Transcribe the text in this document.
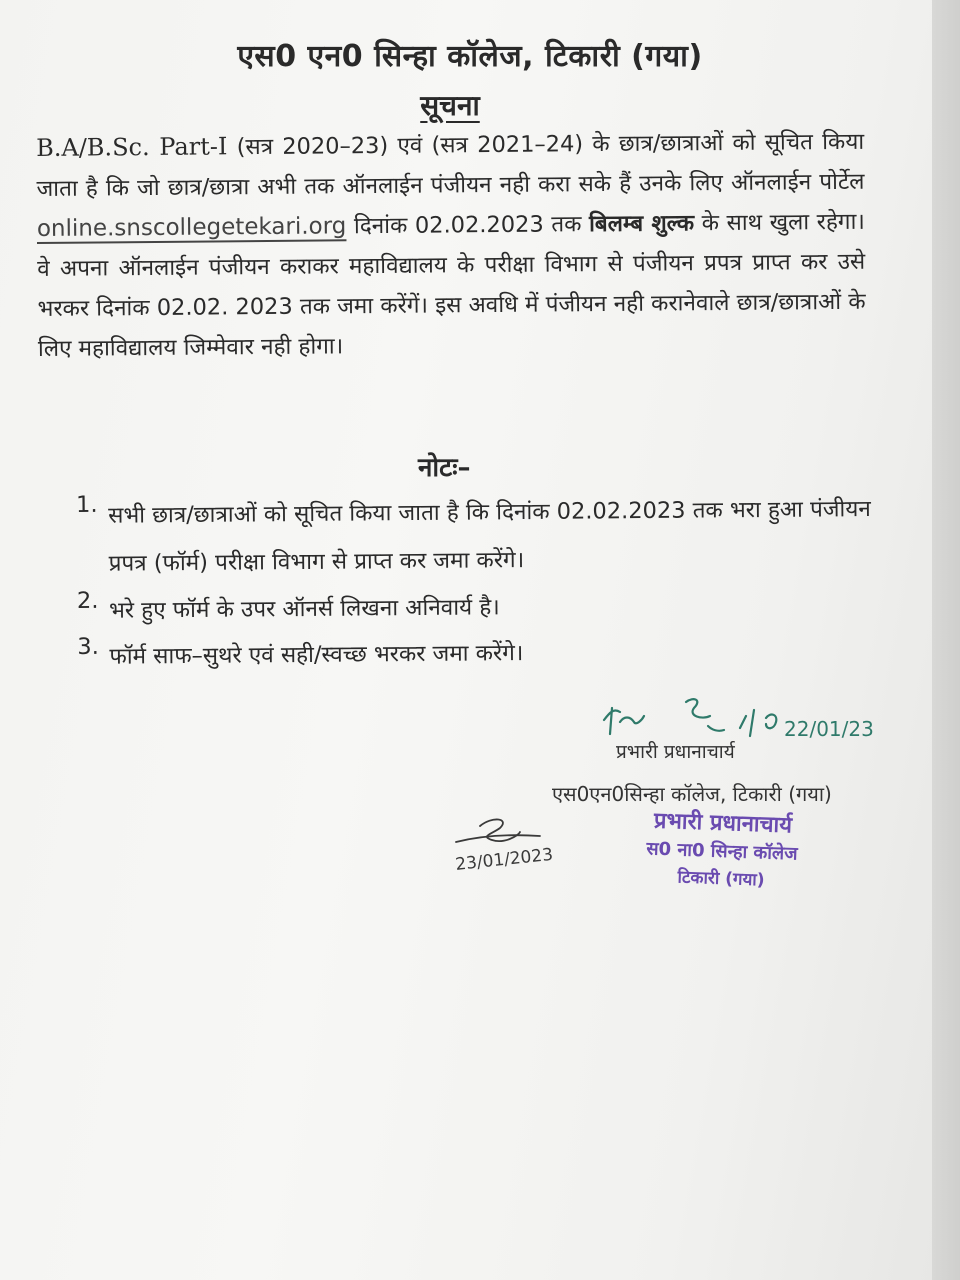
एस0 एन0 सिन्हा कॉलेज, टिकारी (गया)
सूचना
B.A/B.Sc. Part-I (सत्र 2020–23) एवं (सत्र 2021–24) के छात्र/छात्राओं को सूचित किया जाता है कि जो छात्र/छात्रा अभी तक ऑनलाईन पंजीयन नही करा सके हैं उनके लिए ऑनलाईन पोर्टेल online.snscollegetekari.org दिनांक 02.02.2023 तक बिलम्ब शुल्क के साथ खुला रहेगा। वे अपना ऑनलाईन पंजीयन कराकर महाविद्यालय के परीक्षा विभाग से पंजीयन प्रपत्र प्राप्त कर उसे भरकर दिनांक 02.02. 2023 तक जमा करेंगें। इस अवधि में पंजीयन नही करानेवाले छात्र/छात्राओं के लिए महाविद्यालय जिम्मेवार नही होगा।
नोटः–
1. सभी छात्र/छात्राओं को सूचित किया जाता है कि दिनांक 02.02.2023 तक भरा हुआ पंजीयन प्रपत्र (फॉर्म) परीक्षा विभाग से प्राप्त कर जमा करेंगे।
2. भरे हुए फॉर्म के उपर ऑनर्स लिखना अनिवार्य है।
3. फॉर्म साफ–सुथरे एवं सही/स्वच्छ भरकर जमा करेंगे।
22/01/23
प्रभारी प्रधानाचार्य
एस0एन0सिन्हा कॉलेज, टिकारी (गया)
23/01/2023
प्रभारी प्रधानाचार्य
स0 ना0 सिन्हा कॉलेज
टिकारी (गया)
